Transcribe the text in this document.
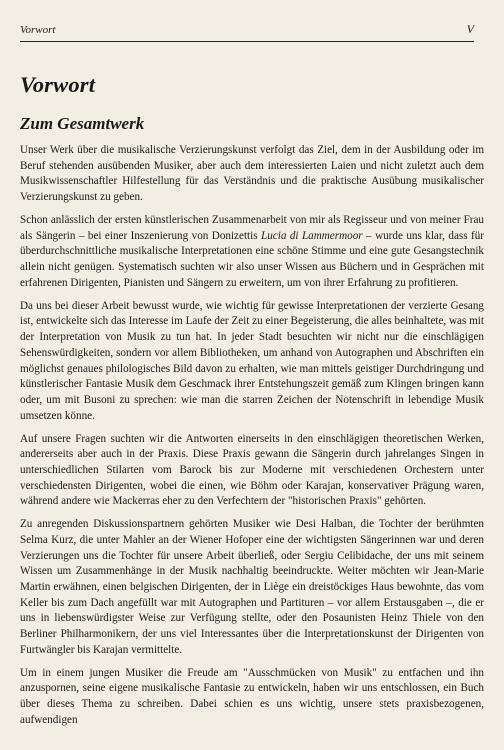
Vorwort	V
Vorwort
Zum Gesamtwerk

Unser Werk über die musikalische Verzierungskunst verfolgt das Ziel, dem in der Ausbildung oder im Beruf stehenden ausübenden Musiker, aber auch dem interessierten Laien und nicht zuletzt auch dem Musikwissenschaftler Hilfestellung für das Verständnis und die praktische Ausübung musikalischer Verzierungskunst zu geben.

Schon anlässlich der ersten künstlerischen Zusammenarbeit von mir als Regisseur und von meiner Frau als Sängerin – bei einer Inszenierung von Donizettis Lucia di Lammermoor – wurde uns klar, dass für überdurchschnittliche musikalische Interpretationen eine schöne Stimme und eine gute Gesangstechnik allein nicht genügen. Systematisch suchten wir also unser Wissen aus Büchern und in Gesprächen mit erfahrenen Dirigenten, Pianisten und Sängern zu erweitern, um von ihrer Erfahrung zu profitieren.

Da uns bei dieser Arbeit bewusst wurde, wie wichtig für gewisse Interpretationen der verzierte Gesang ist, entwickelte sich das Interesse im Laufe der Zeit zu einer Begeisterung, die alles beinhaltete, was mit der Interpretation von Musik zu tun hat. In jeder Stadt besuchten wir nicht nur die einschlägigen Sehenswürdigkeiten, sondern vor allem Bibliotheken, um anhand von Autographen und Abschriften ein möglichst genaues philologisches Bild davon zu erhalten, wie man mittels geistiger Durchdringung und künstlerischer Fantasie Musik dem Geschmack ihrer Entstehungszeit gemäß zum Klingen bringen kann oder, um mit Busoni zu sprechen: wie man die starren Zeichen der Notenschrift in lebendige Musik umsetzen könne.

Auf unsere Fragen suchten wir die Antworten einerseits in den einschlägigen theoretischen Werken, andererseits aber auch in der Praxis. Diese Praxis gewann die Sängerin durch jahrelanges Singen in unterschiedlichen Stilarten vom Barock bis zur Moderne mit verschiedenen Orchestern unter verschiedensten Dirigenten, wobei die einen, wie Böhm oder Karajan, konservativer Prägung waren, während andere wie Mackerras eher zu den Verfechtern der "historischen Praxis" gehörten.

Zu anregenden Diskussionspartnern gehörten Musiker wie Desi Halban, die Tochter der berühmten Selma Kurz, die unter Mahler an der Wiener Hofoper eine der wichtigsten Sängerinnen war und deren Verzierungen uns die Tochter für unsere Arbeit überließ, oder Sergiu Celibidache, der uns mit seinem Wissen um Zusammenhänge in der Musik nachhaltig beeindruckte. Weiter möchten wir Jean-Marie Martin erwähnen, einen belgischen Dirigenten, der in Liège ein dreistöckiges Haus bewohnte, das vom Keller bis zum Dach angefüllt war mit Autographen und Partituren – vor allem Erstausgaben –, die er uns in liebenswürdigster Weise zur Verfügung stellte, oder den Posaunisten Heinz Thiele von den Berliner Philharmonikern, der uns viel Interessantes über die Interpretationskunst der Dirigenten von Furtwängler bis Karajan vermittelte.

Um in einem jungen Musiker die Freude am "Ausschmücken von Musik" zu entfachen und ihn anzuspornen, seine eigene musikalische Fantasie zu entwickeln, haben wir uns entschlossen, ein Buch über dieses Thema zu schreiben. Dabei schien es uns wichtig, unsere stets praxisbezogenen, aufwendigen
